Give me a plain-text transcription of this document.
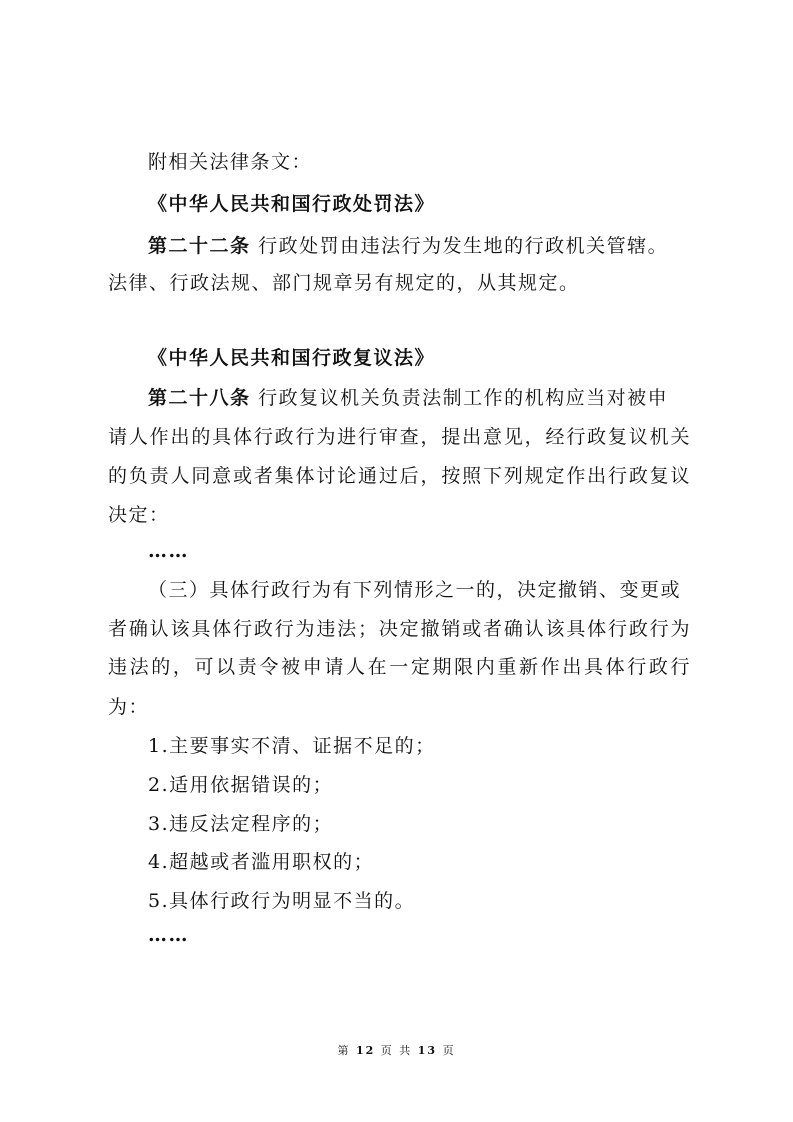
附相关法律条文：
《中华人民共和国行政处罚法》
第二十二条 行政处罚由违法行为发生地的行政机关管辖。
法律、行政法规、部门规章另有规定的，从其规定。
《中华人民共和国行政复议法》
第二十八条 行政复议机关负责法制工作的机构应当对被申
请人作出的具体行政行为进行审查，提出意见，经行政复议机关
的负责人同意或者集体讨论通过后，按照下列规定作出行政复议
决定：
……
（三）具体行政行为有下列情形之一的，决定撤销、变更或
者确认该具体行政行为违法；决定撤销或者确认该具体行政行为
违法的，可以责令被申请人在一定期限内重新作出具体行政行
为：
1.主要事实不清、证据不足的；
2.适用依据错误的；
3.违反法定程序的；
4.超越或者滥用职权的；
5.具体行政行为明显不当的。
……
第 12 页 共 13 页
